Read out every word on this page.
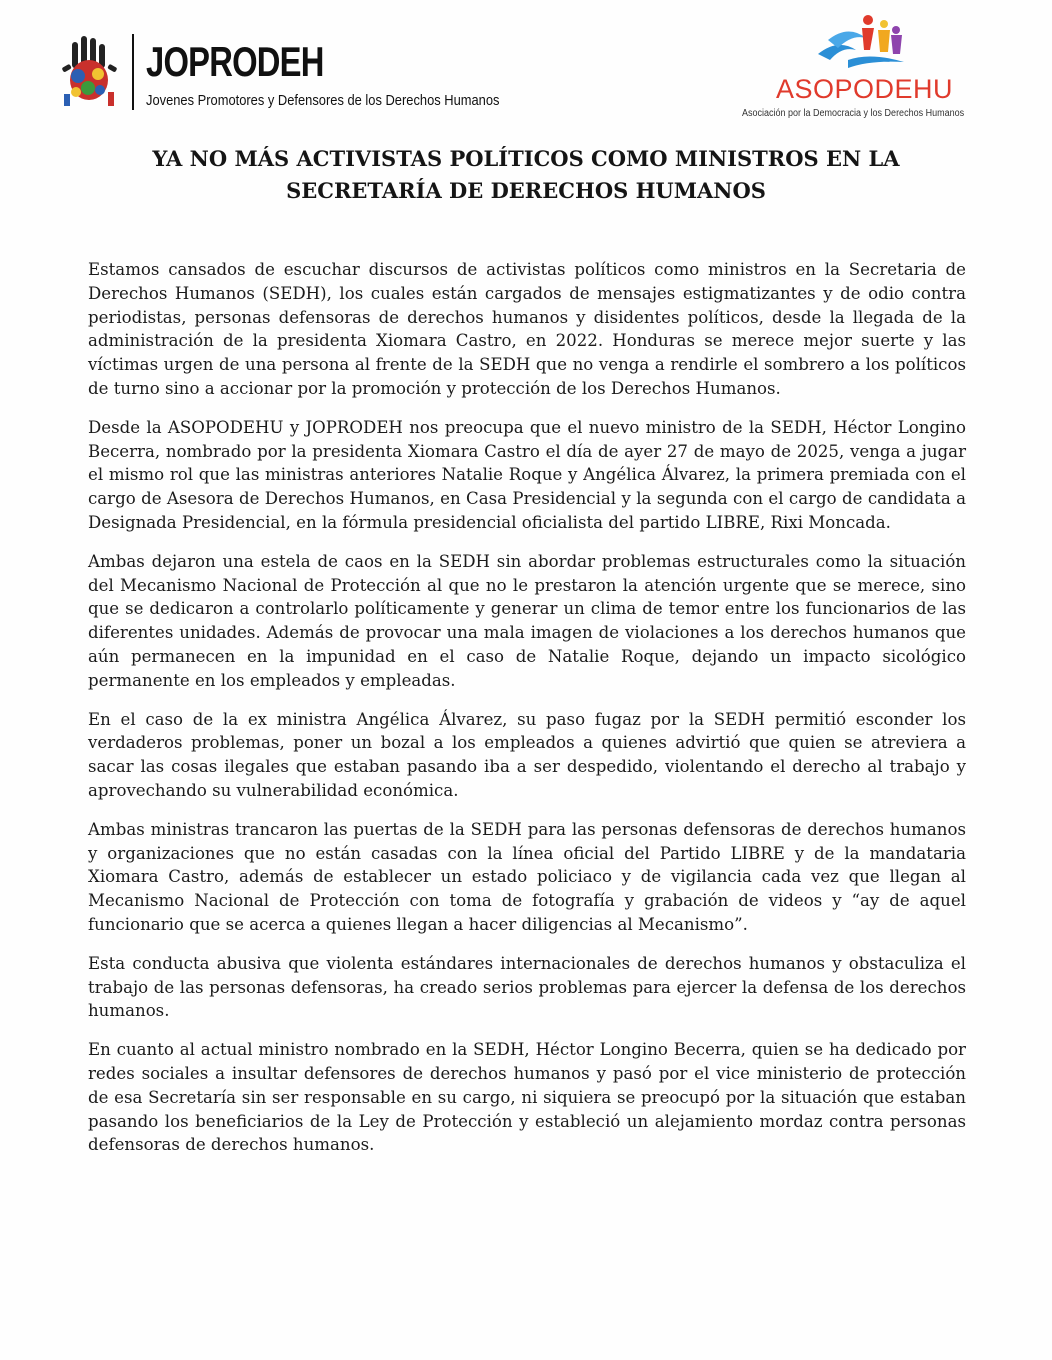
JOPRODEH
Jovenes Promotores y Defensores de los Derechos Humanos	ASOPODEHU
Asociación por la Democracia y los Derechos Humanos
YA NO MÁS ACTIVISTAS POLÍTICOS COMO MINISTROS EN LA
SECRETARÍA DE DERECHOS HUMANOS

Estamos cansados de escuchar discursos de activistas políticos como ministros en la Secretaria de Derechos Humanos (SEDH), los cuales están cargados de mensajes estigmatizantes y de odio contra periodistas, personas defensoras de derechos humanos y disidentes políticos, desde la llegada de la administración de la presidenta Xiomara Castro, en 2022. Honduras se merece mejor suerte y las víctimas urgen de una persona al frente de la SEDH que no venga a rendirle el sombrero a los políticos de turno sino a accionar por la promoción y protección de los Derechos Humanos.

Desde la ASOPODEHU y JOPRODEH nos preocupa que el nuevo ministro de la SEDH, Héctor Longino Becerra, nombrado por la presidenta Xiomara Castro el día de ayer 27 de mayo de 2025, venga a jugar el mismo rol que las ministras anteriores Natalie Roque y Angélica Álvarez, la primera premiada con el cargo de Asesora de Derechos Humanos, en Casa Presidencial y la segunda con el cargo de candidata a Designada Presidencial, en la fórmula presidencial oficialista del partido LIBRE, Rixi Moncada.

Ambas dejaron una estela de caos en la SEDH sin abordar problemas estructurales como la situación del Mecanismo Nacional de Protección al que no le prestaron la atención urgente que se merece, sino que se dedicaron a controlarlo políticamente y generar un clima de temor entre los funcionarios de las diferentes unidades. Además de provocar una mala imagen de violaciones a los derechos humanos que aún permanecen en la impunidad en el caso de Natalie Roque, dejando un impacto sicológico permanente en los empleados y empleadas.

En el caso de la ex ministra Angélica Álvarez, su paso fugaz por la SEDH permitió esconder los verdaderos problemas, poner un bozal a los empleados a quienes advirtió que quien se atreviera a sacar las cosas ilegales que estaban pasando iba a ser despedido, violentando el derecho al trabajo y aprovechando su vulnerabilidad económica.

Ambas ministras trancaron las puertas de la SEDH para las personas defensoras de derechos humanos y organizaciones que no están casadas con la línea oficial del Partido LIBRE y de la mandataria Xiomara Castro, además de establecer un estado policiaco y de vigilancia cada vez que llegan al Mecanismo Nacional de Protección con toma de fotografía y grabación de videos y “ay de aquel funcionario que se acerca a quienes llegan a hacer diligencias al Mecanismo”.

Esta conducta abusiva que violenta estándares internacionales de derechos humanos y obstaculiza el trabajo de las personas defensoras, ha creado serios problemas para ejercer la defensa de los derechos humanos.

En cuanto al actual ministro nombrado en la SEDH, Héctor Longino Becerra, quien se ha dedicado por redes sociales a insultar defensores de derechos humanos y pasó por el vice ministerio de protección de esa Secretaría sin ser responsable en su cargo, ni siquiera se preocupó por la situación que estaban pasando los beneficiarios de la Ley de Protección y estableció un alejamiento mordaz contra personas defensoras de derechos humanos.
